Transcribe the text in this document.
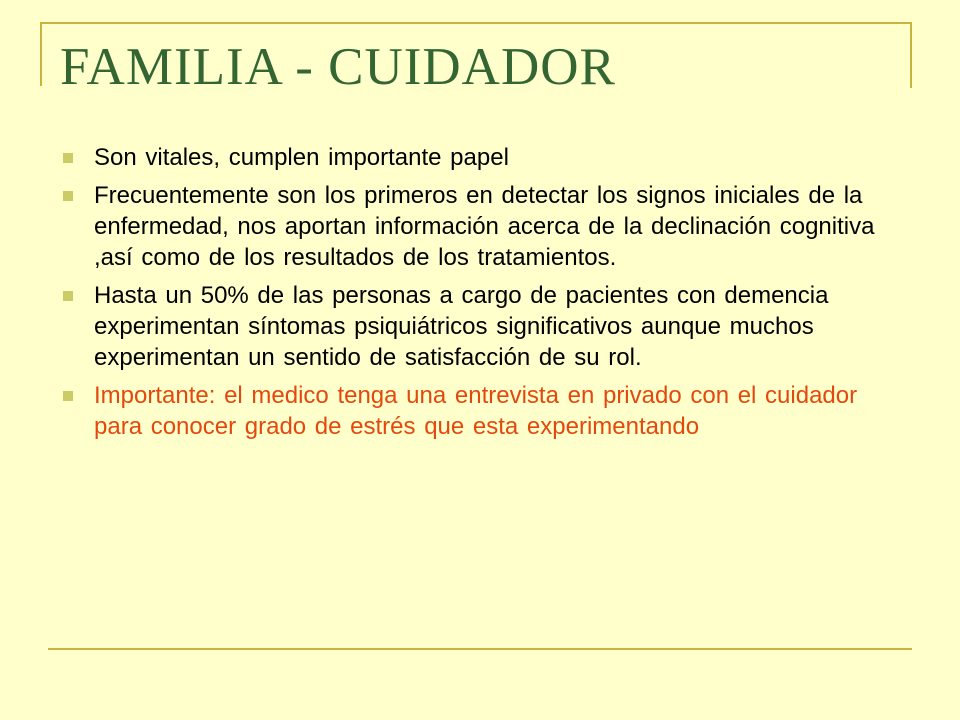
FAMILIA - CUIDADOR
Son vitales, cumplen importante papel
Frecuentemente son los primeros en detectar los signos iniciales de la enfermedad, nos aportan información acerca de la declinación cognitiva ,así como de los resultados de los tratamientos.
Hasta un 50% de las personas a cargo de pacientes con demencia experimentan síntomas psiquiátricos significativos aunque muchos experimentan un sentido de satisfacción de su rol.
Importante: el medico tenga una entrevista en privado con el cuidador para conocer grado de estrés que esta experimentando
